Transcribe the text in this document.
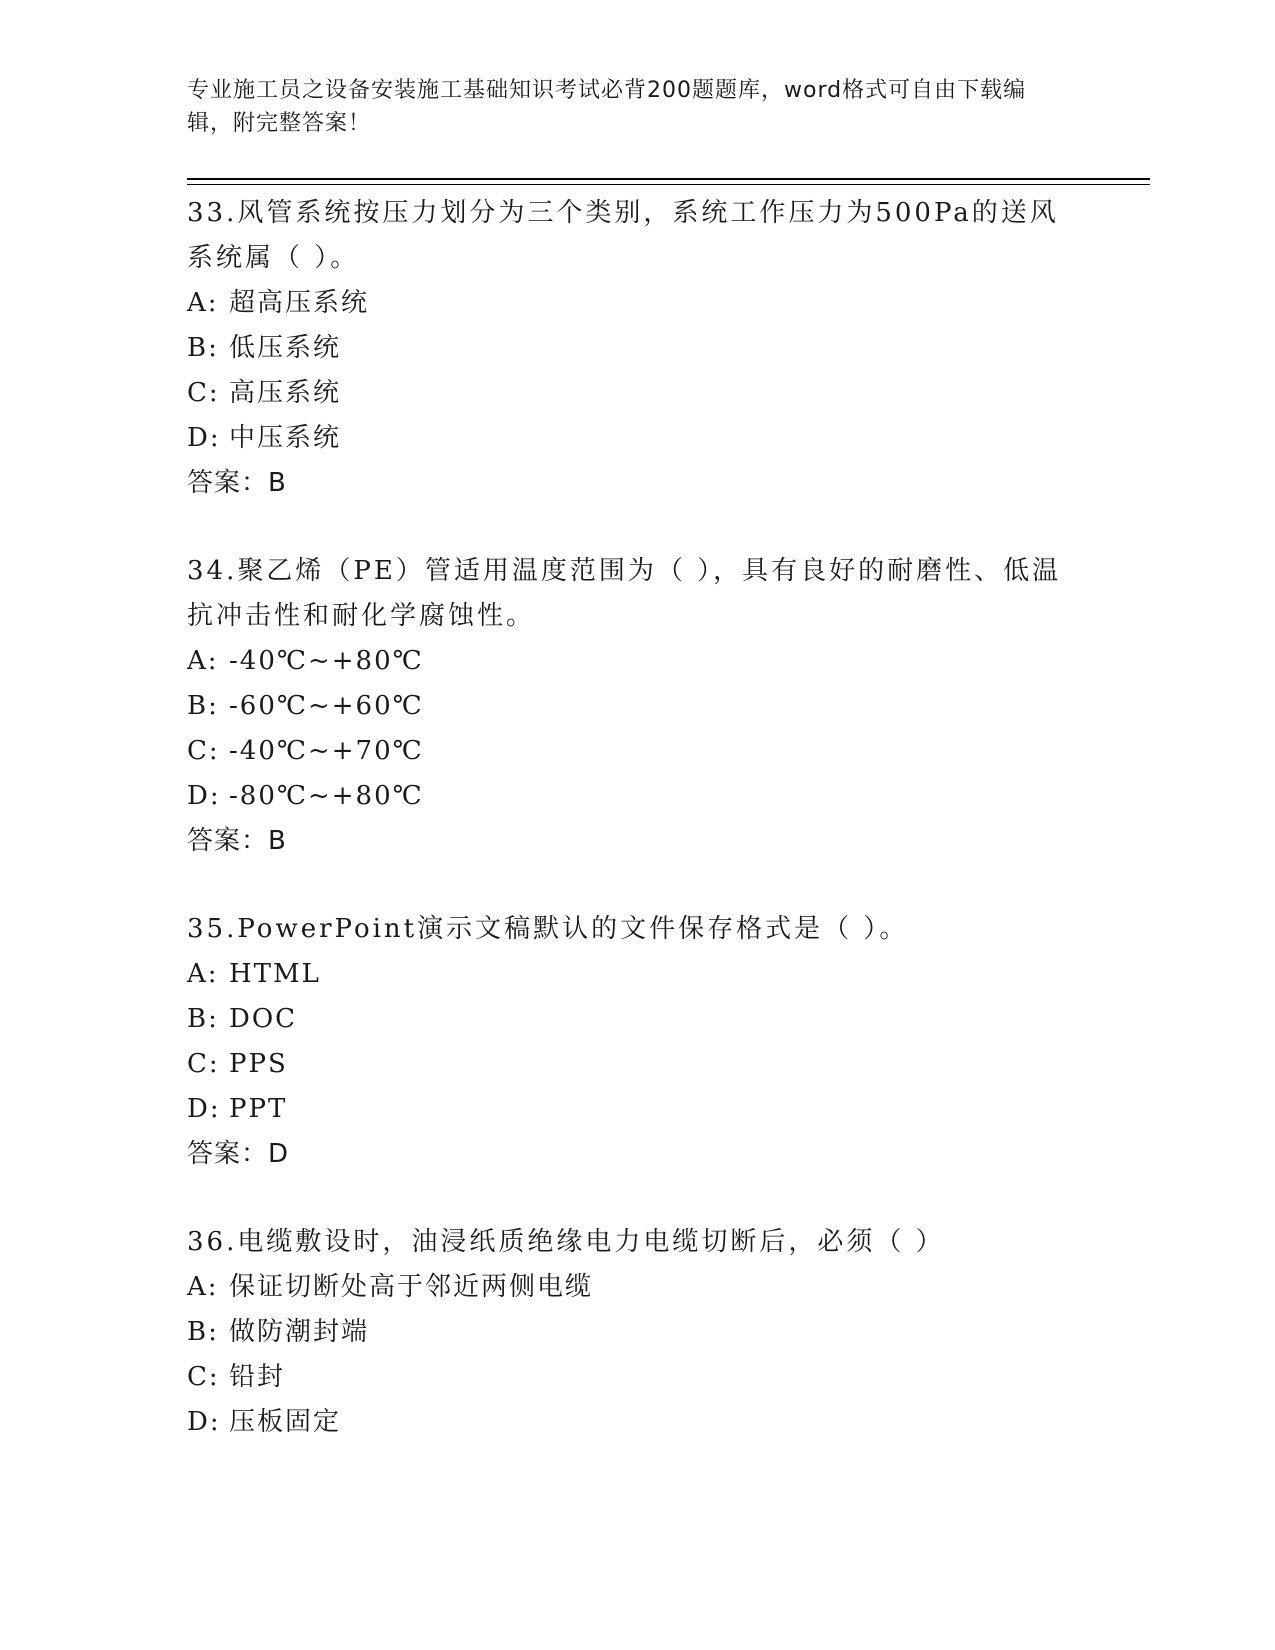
专业施工员之设备安装施工基础知识考试必背200题题库，word格式可自由下载编辑，附完整答案！

33.风管系统按压力划分为三个类别，系统工作压力为500Pa的送风系统属（ ）。

A: 超高压系统

B: 低压系统

C: 高压系统

D: 中压系统

答案：B

34.聚乙烯（PE）管适用温度范围为（ ），具有良好的耐磨性、低温抗冲击性和耐化学腐蚀性。

A: -40℃~+80℃

B: -60℃~+60℃

C: -40℃~+70℃

D: -80℃~+80℃

答案：B

35.PowerPoint演示文稿默认的文件保存格式是（ ）。

A: HTML

B: DOC

C: PPS

D: PPT

答案：D

36.电缆敷设时，油浸纸质绝缘电力电缆切断后，必须（ ）

A: 保证切断处高于邻近两侧电缆

B: 做防潮封端

C: 铅封

D: 压板固定
